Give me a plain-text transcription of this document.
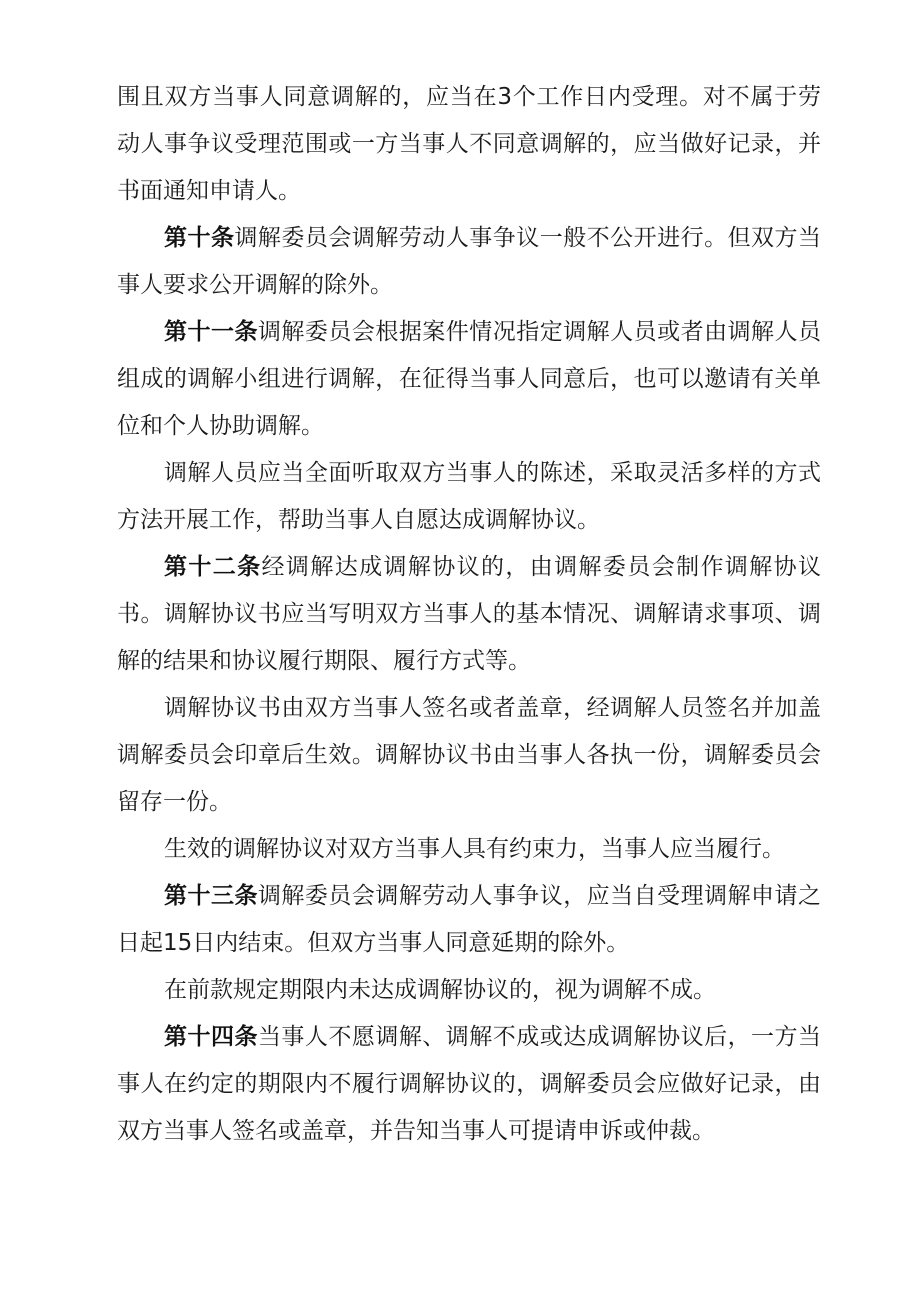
围且双方当事人同意调解的，应当在3个工作日内受理。对不属于劳动人事争议受理范围或一方当事人不同意调解的，应当做好记录，并书面通知申请人。

第十条调解委员会调解劳动人事争议一般不公开进行。但双方当事人要求公开调解的除外。

第十一条调解委员会根据案件情况指定调解人员或者由调解人员组成的调解小组进行调解，在征得当事人同意后，也可以邀请有关单位和个人协助调解。

调解人员应当全面听取双方当事人的陈述，采取灵活多样的方式方法开展工作，帮助当事人自愿达成调解协议。

第十二条经调解达成调解协议的，由调解委员会制作调解协议书。调解协议书应当写明双方当事人的基本情况、调解请求事项、调解的结果和协议履行期限、履行方式等。

调解协议书由双方当事人签名或者盖章，经调解人员签名并加盖调解委员会印章后生效。调解协议书由当事人各执一份，调解委员会留存一份。

生效的调解协议对双方当事人具有约束力，当事人应当履行。

第十三条调解委员会调解劳动人事争议，应当自受理调解申请之日起15日内结束。但双方当事人同意延期的除外。

在前款规定期限内未达成调解协议的，视为调解不成。

第十四条当事人不愿调解、调解不成或达成调解协议后，一方当事人在约定的期限内不履行调解协议的，调解委员会应做好记录，由双方当事人签名或盖章，并告知当事人可提请申诉或仲裁。
